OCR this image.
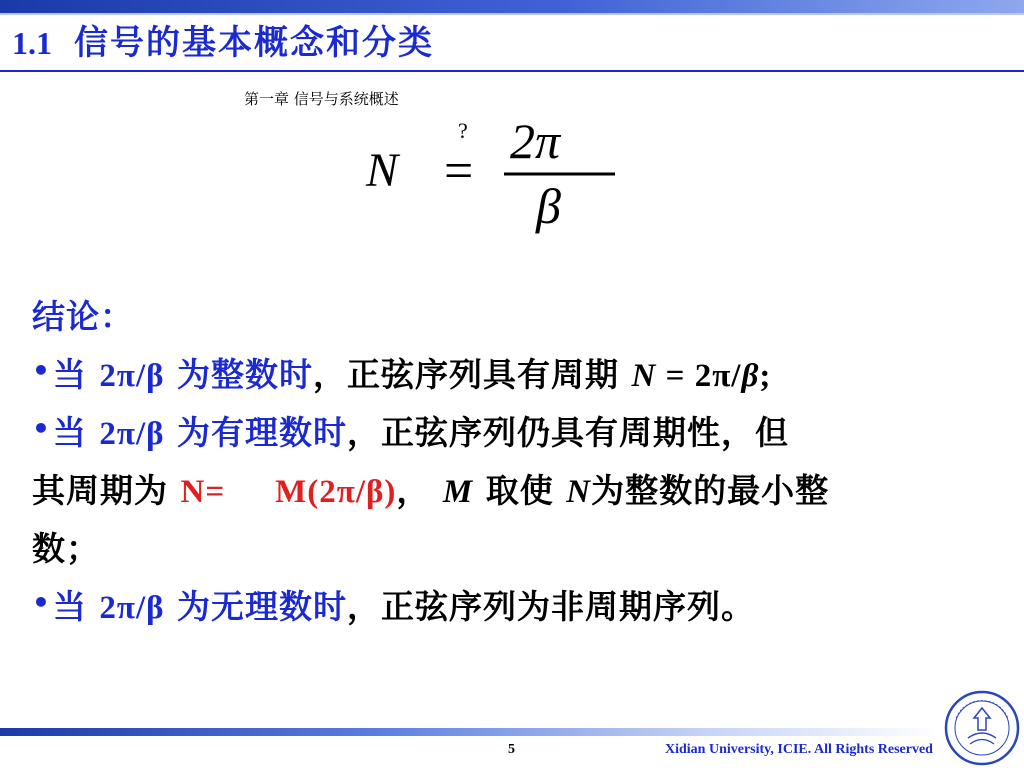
1.1 信号的基本概念和分类
第一章 信号与系统概述
N
?
=
2π
β
结论：
•当 2π/β 为整数时，正弦序列具有周期 N = 2π/β;
•当 2π/β 为有理数时，正弦序列仍具有周期性，但
其周期为 N= M(2π/β)， M 取使 N为整数的最小整
数；
•当 2π/β 为无理数时，正弦序列为非周期序列。
5	Xidian University, ICIE. All Rights Reserved
